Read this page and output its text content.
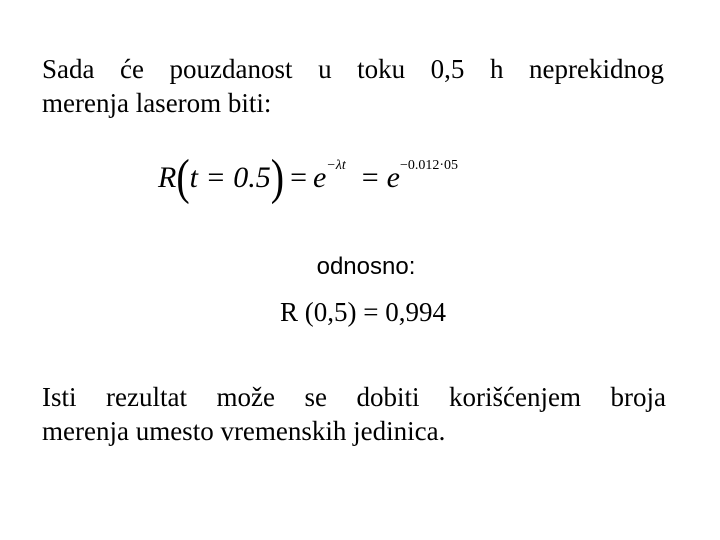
Sada će pouzdanost u toku 0,5 h neprekidnog
merenja laserom biti:
R ( t = 0.5 ) = e −λt = e −0.012·05
odnosno:
R (0,5) = 0,994
Isti rezultat može se dobiti korišćenjem broja
merenja umesto vremenskih jedinica.
